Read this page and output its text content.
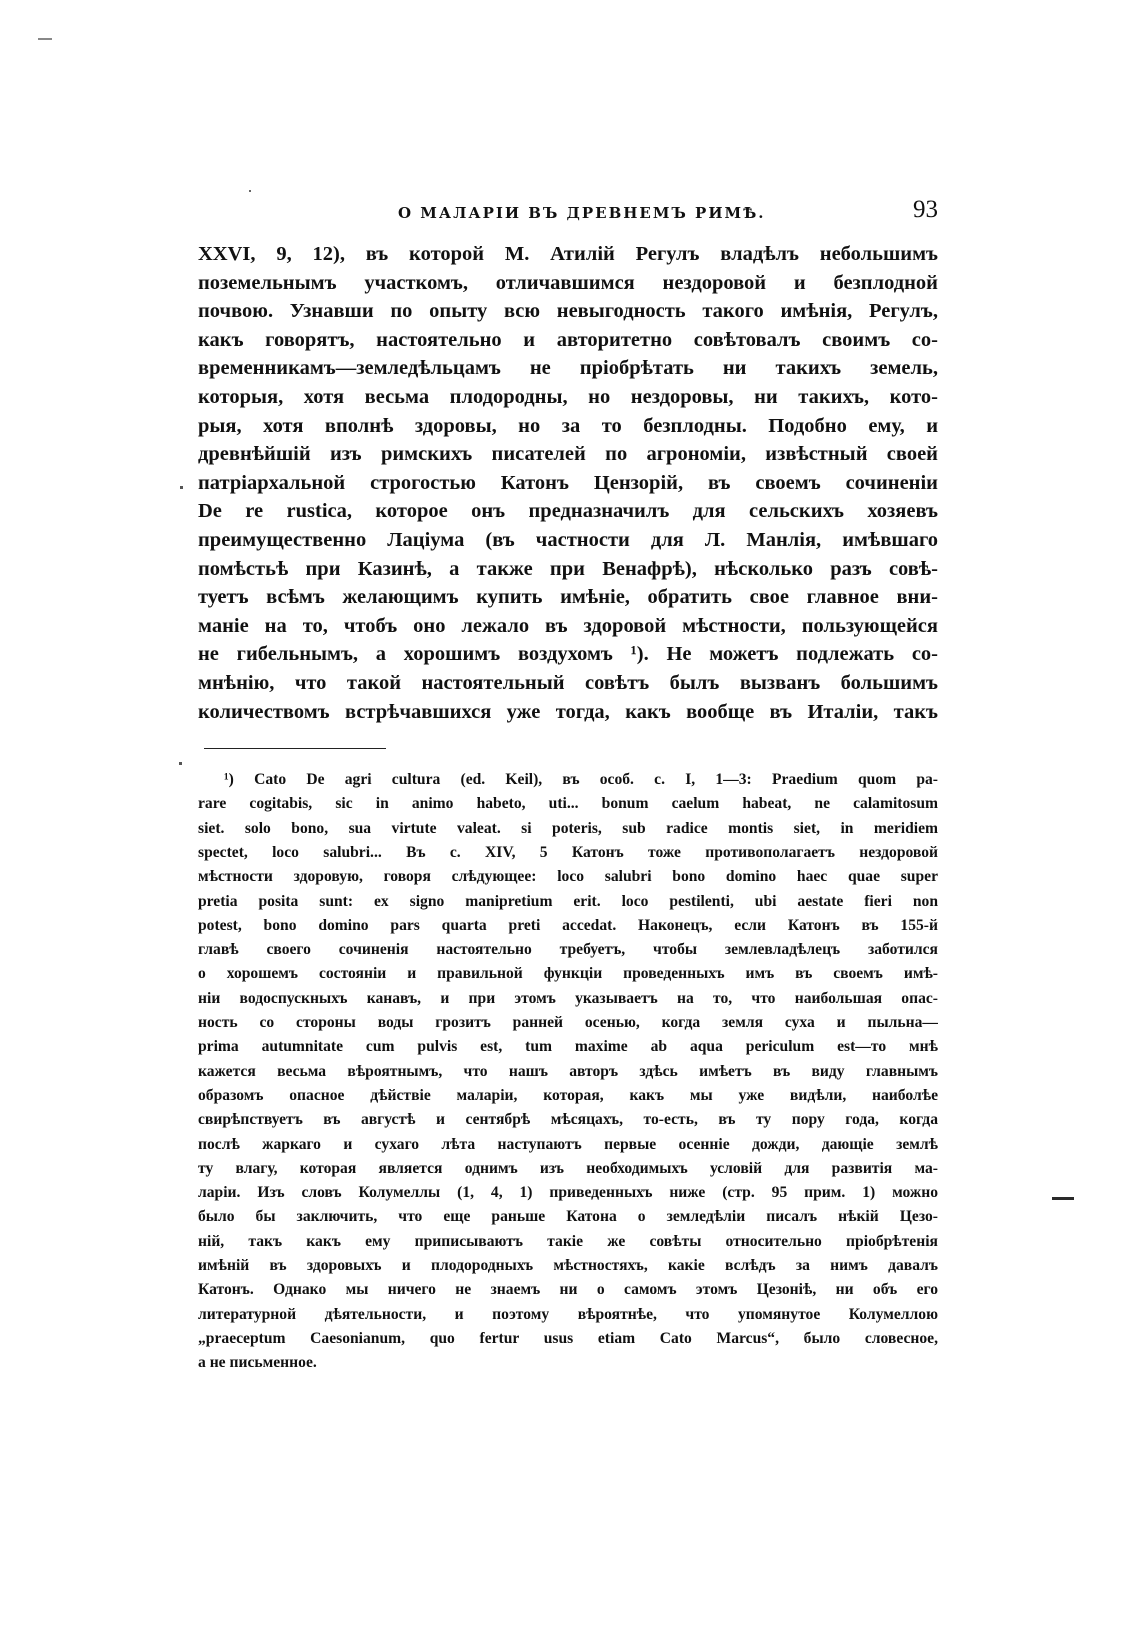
О МАЛАРІИ ВЪ ДРЕВНЕМЪ РИМѢ.	93
XXVI, 9, 12), въ которой М. Атилій Регулъ владѣлъ небольшимъ
поземельнымъ участкомъ, отличавшимся нездоровой и безплодной
почвою. Узнавши по опыту всю невыгодность такого имѣнія, Регулъ,
какъ говорятъ, настоятельно и авторитетно совѣтовалъ своимъ со-
временникамъ—земледѣльцамъ не пріобрѣтать ни такихъ земель,
которыя, хотя весьма плодородны, но нездоровы, ни такихъ, кото-
рыя, хотя вполнѣ здоровы, но за то безплодны. Подобно ему, и
древнѣйшій изъ римскихъ писателей по агрономіи, извѣстный своей
патріархальной строгостью Катонъ Цензорій, въ своемъ сочиненіи
De re rustica, которое онъ предназначилъ для сельскихъ хозяевъ
преимущественно Лаціума (въ частности для Л. Манлія, имѣвшаго
помѣстьѣ при Казинѣ, а также при Венафрѣ), нѣсколько разъ совѣ-
туетъ всѣмъ желающимъ купить имѣніе, обратить свое главное вни-
маніе на то, чтобъ оно лежало въ здоровой мѣстности, пользующейся
не гибельнымъ, а хорошимъ воздухомъ ¹). Не можетъ подлежать со-
мнѣнію, что такой настоятельный совѣтъ былъ вызванъ большимъ
количествомъ встрѣчавшихся уже тогда, какъ вообще въ Италіи, такъ
¹) Cato De agri cultura (ed. Keil), въ особ. c. I, 1—3: Praedium quom pa-
rare cogitabis, sic in animo habeto, uti... bonum caelum habeat, ne calamitosum
siet. solo bono, sua virtute valeat. si poteris, sub radice montis siet, in meridiem
spectet, loco salubri... Въ c. XIV, 5 Катонъ тоже противополагаетъ нездоровой
мѣстности здоровую, говоря слѣдующее: loco salubri bono domino haec quae super
pretia posita sunt: ex signo manipretium erit. loco pestilenti, ubi aestate fieri non
potest, bono domino pars quarta preti accedat. Наконецъ, если Катонъ въ 155-й
главѣ своего сочиненія настоятельно требуетъ, чтобы землевладѣлецъ заботился
о хорошемъ состояніи и правильной функціи проведенныхъ имъ въ своемъ имѣ-
ніи водоспускныхъ канавъ, и при этомъ указываетъ на то, что наибольшая опас-
ность со стороны воды грозитъ ранней осенью, когда земля суха и пыльна—
prima autumnitate cum pulvis est, tum maxime ab aqua periculum est—то мнѣ
кажется весьма вѣроятнымъ, что нашъ авторъ здѣсь имѣетъ въ виду главнымъ
образомъ опасное дѣйствіе маларіи, которая, какъ мы уже видѣли, наиболѣе
свирѣпствуетъ въ августѣ и сентябрѣ мѣсяцахъ, то-есть, въ ту пору года, когда
послѣ жаркаго и сухаго лѣта наступаютъ первые осенніе дожди, дающіе землѣ
ту влагу, которая является однимъ изъ необходимыхъ условій для развитія ма-
ларіи. Изъ словъ Колумеллы (1, 4, 1) приведенныхъ ниже (стр. 95 прим. 1) можно
было бы заключить, что еще раньше Катона о земледѣліи писалъ нѣкій Цезо-
ній, такъ какъ ему приписываютъ такіе же совѣты относительно пріобрѣтенія
имѣній въ здоровыхъ и плодородныхъ мѣстностяхъ, какіе вслѣдъ за нимъ давалъ
Катонъ. Однако мы ничего не знаемъ ни о самомъ этомъ Цезоніѣ, ни объ его
литературной дѣятельности, и поэтому вѣроятнѣе, что упомянутое Колумеллою
„praeceptum Caesonianum, quo fertur usus etiam Cato Marcus“, было словесное,
а не письменное.
